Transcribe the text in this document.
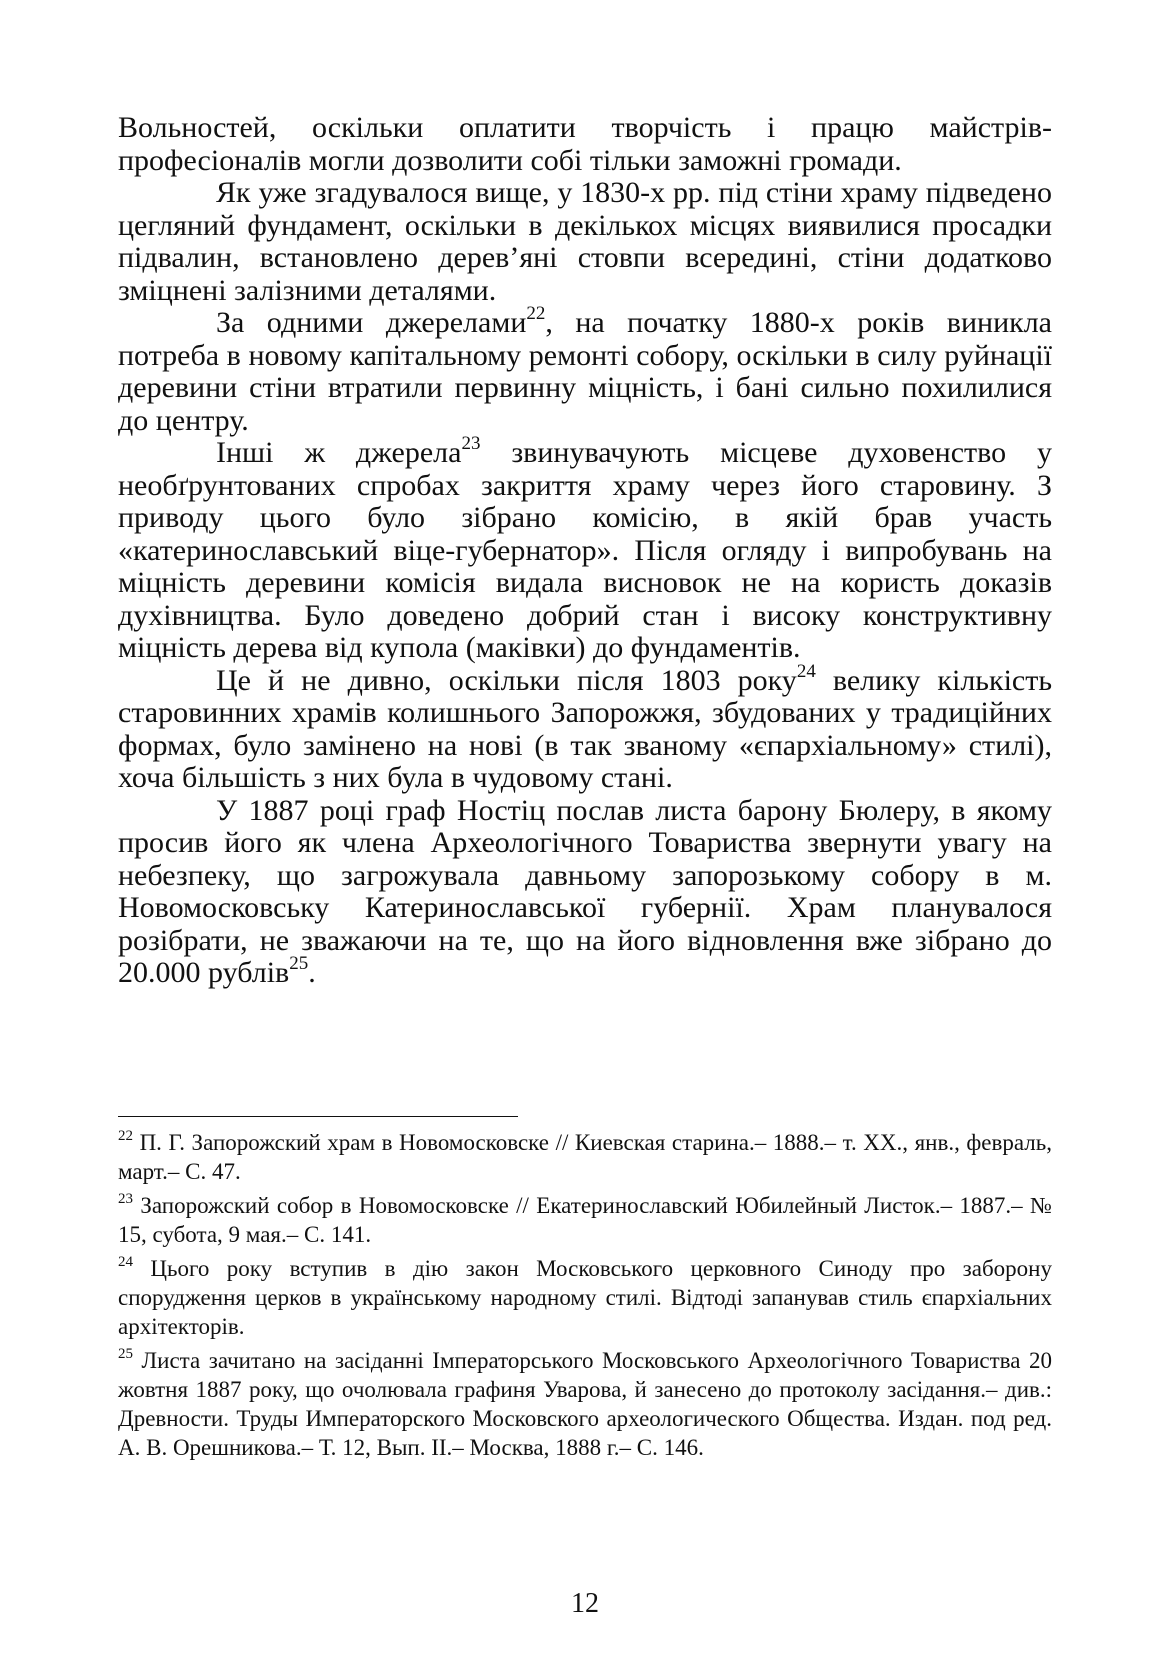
Вольностей, оскільки оплатити творчість і працю майстрів-професіоналів могли дозволити собі тільки заможні громади.

Як уже згадувалося вище, у 1830-х рр. під стіни храму підведено цегляний фундамент, оскільки в декількох місцях виявилися просадки підвалин, встановлено дерев’яні стовпи всередині, стіни додатково зміцнені залізними деталями.

За одними джерелами$^{22}$, на початку 1880-х років виникла потреба в новому капітальному ремонті собору, оскільки в силу руйнації деревини стіни втратили первинну міцність, і бані сильно похилилися до центру.

Інші ж джерела$^{23}$ звинувачують місцеве духовенство у необґрунтованих спробах закриття храму через його старовину. З приводу цього було зібрано комісію, в якій брав участь «катеринославський віце-губернатор». Після огляду і випробувань на міцність деревини комісія видала висновок не на користь доказів духівництва. Було доведено добрий стан і високу конструктивну міцність дерева від купола (маківки) до фундаментів.

Це й не дивно, оскільки після 1803 року$^{24}$ велику кількість старовинних храмів колишнього Запорожжя, збудованих у традиційних формах, було замінено на нові (в так званому «єпархіальному» стилі), хоча більшість з них була в чудовому стані.

У 1887 році граф Ностіц послав листа барону Бюлеру, в якому просив його як члена Археологічного Товариства звернути увагу на небезпеку, що загрожувала давньому запорозькому собору в м. Новомосковську Катеринославської губернії. Храм планувалося розібрати, не зважаючи на те, що на його відновлення вже зібрано до 20.000 рублів$^{25}$.

$^{22}$ П. Г. Запорожский храм в Новомосковске // Киевская старина.– 1888.– т. XX., янв., февраль, март.– С. 47.

$^{23}$ Запорожский собор в Новомосковске // Екатеринославский Юбилейный Листок.– 1887.– № 15, субота, 9 мая.– С. 141.

$^{24}$ Цього року вступив в дію закон Московського церковного Синоду про заборону спорудження церков в українському народному стилі. Відтоді запанував стиль єпархіальних архітекторів.

$^{25}$ Листа зачитано на засіданні Імператорського Московського Археологічного Товариства 20 жовтня 1887 року, що очолювала графиня Уварова, й занесено до протоколу засідання.– див.: Древности. Труды Императорского Московского археологического Общества. Издан. под ред. А. В. Орешникова.– Т. 12, Вып. II.– Москва, 1888 г.– С. 146.

12
